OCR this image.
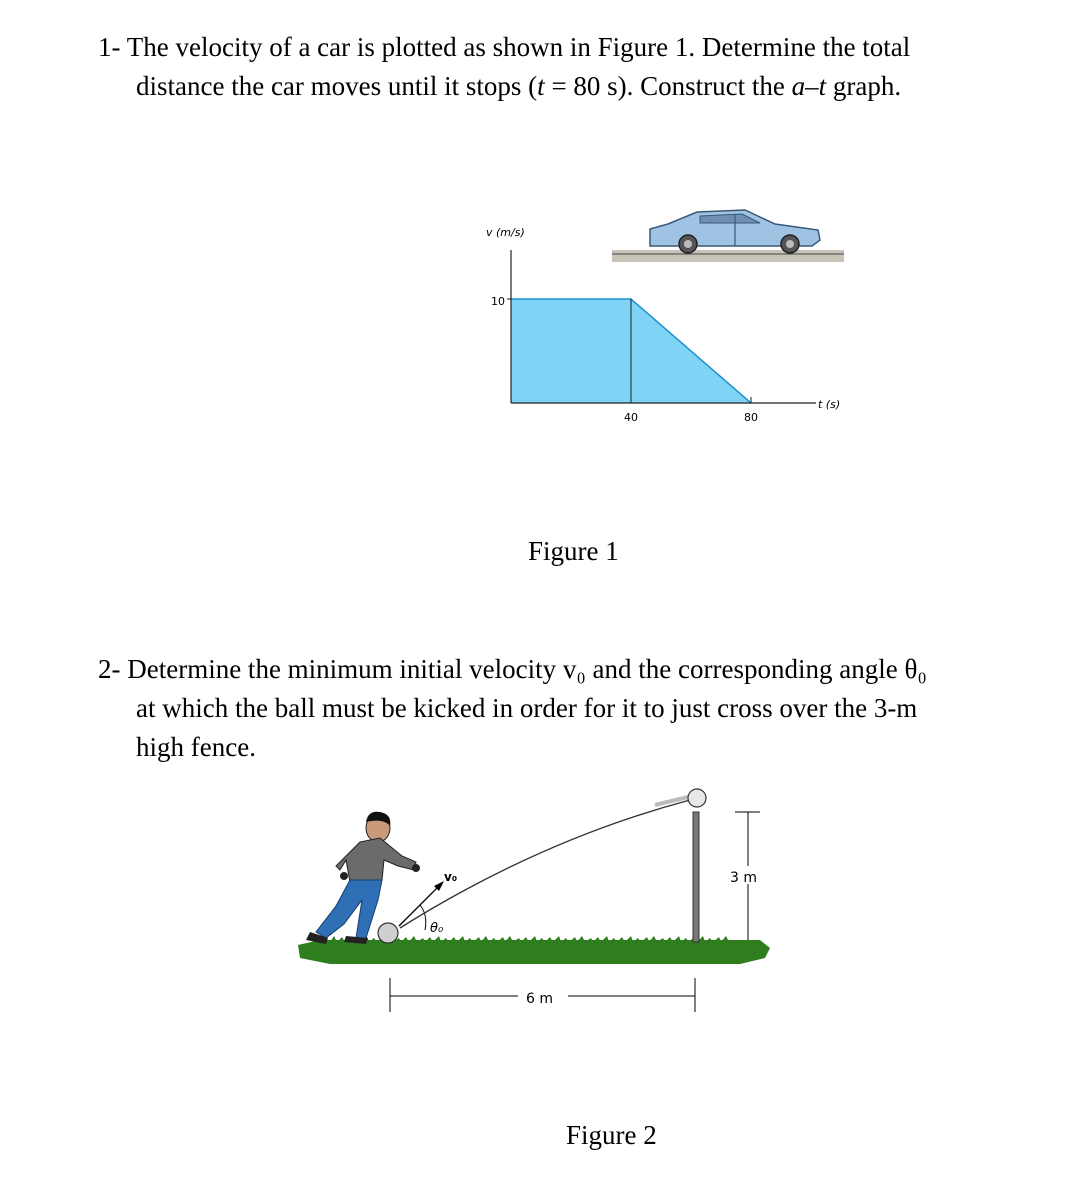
1- The velocity of a car is plotted as shown in Figure 1. Determine the total
distance the car moves until it stops (t = 80 s). Construct the a–t graph.
v (m/s)
t (s)
10
40	80
v₀
θ₀
3 m
6 m
Figure 1
2- Determine the minimum initial velocity v₀ and the corresponding angle θ₀
at which the ball must be kicked in order for it to just cross over the 3-m
high fence.
Figure 2
